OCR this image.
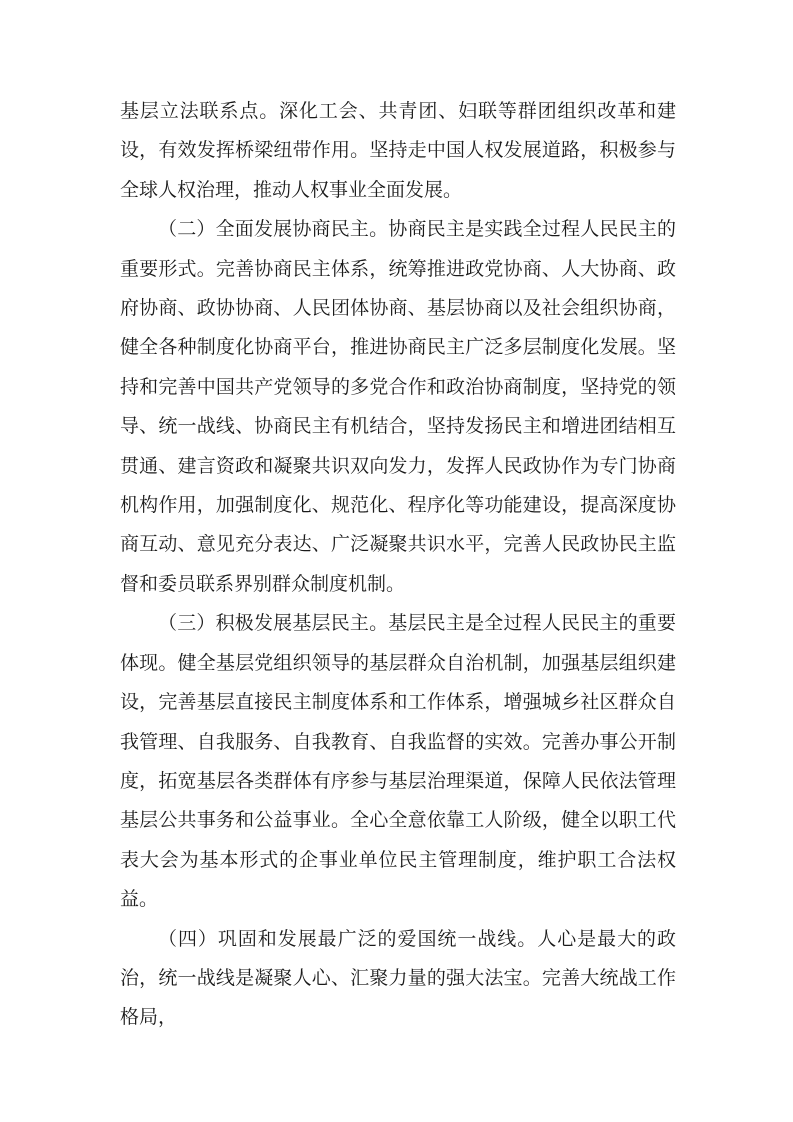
基层立法联系点。深化工会、共青团、妇联等群团组织改革和建设，有效发挥桥梁纽带作用。坚持走中国人权发展道路，积极参与全球人权治理，推动人权事业全面发展。

（二）全面发展协商民主。协商民主是实践全过程人民民主的重要形式。完善协商民主体系，统筹推进政党协商、人大协商、政府协商、政协协商、人民团体协商、基层协商以及社会组织协商，健全各种制度化协商平台，推进协商民主广泛多层制度化发展。坚持和完善中国共产党领导的多党合作和政治协商制度，坚持党的领导、统一战线、协商民主有机结合，坚持发扬民主和增进团结相互贯通、建言资政和凝聚共识双向发力，发挥人民政协作为专门协商机构作用，加强制度化、规范化、程序化等功能建设，提高深度协商互动、意见充分表达、广泛凝聚共识水平，完善人民政协民主监督和委员联系界别群众制度机制。

（三）积极发展基层民主。基层民主是全过程人民民主的重要体现。健全基层党组织领导的基层群众自治机制，加强基层组织建设，完善基层直接民主制度体系和工作体系，增强城乡社区群众自我管理、自我服务、自我教育、自我监督的实效。完善办事公开制度，拓宽基层各类群体有序参与基层治理渠道，保障人民依法管理基层公共事务和公益事业。全心全意依靠工人阶级，健全以职工代表大会为基本形式的企事业单位民主管理制度，维护职工合法权益。

（四）巩固和发展最广泛的爱国统一战线。人心是最大的政治，统一战线是凝聚人心、汇聚力量的强大法宝。完善大统战工作格局，
